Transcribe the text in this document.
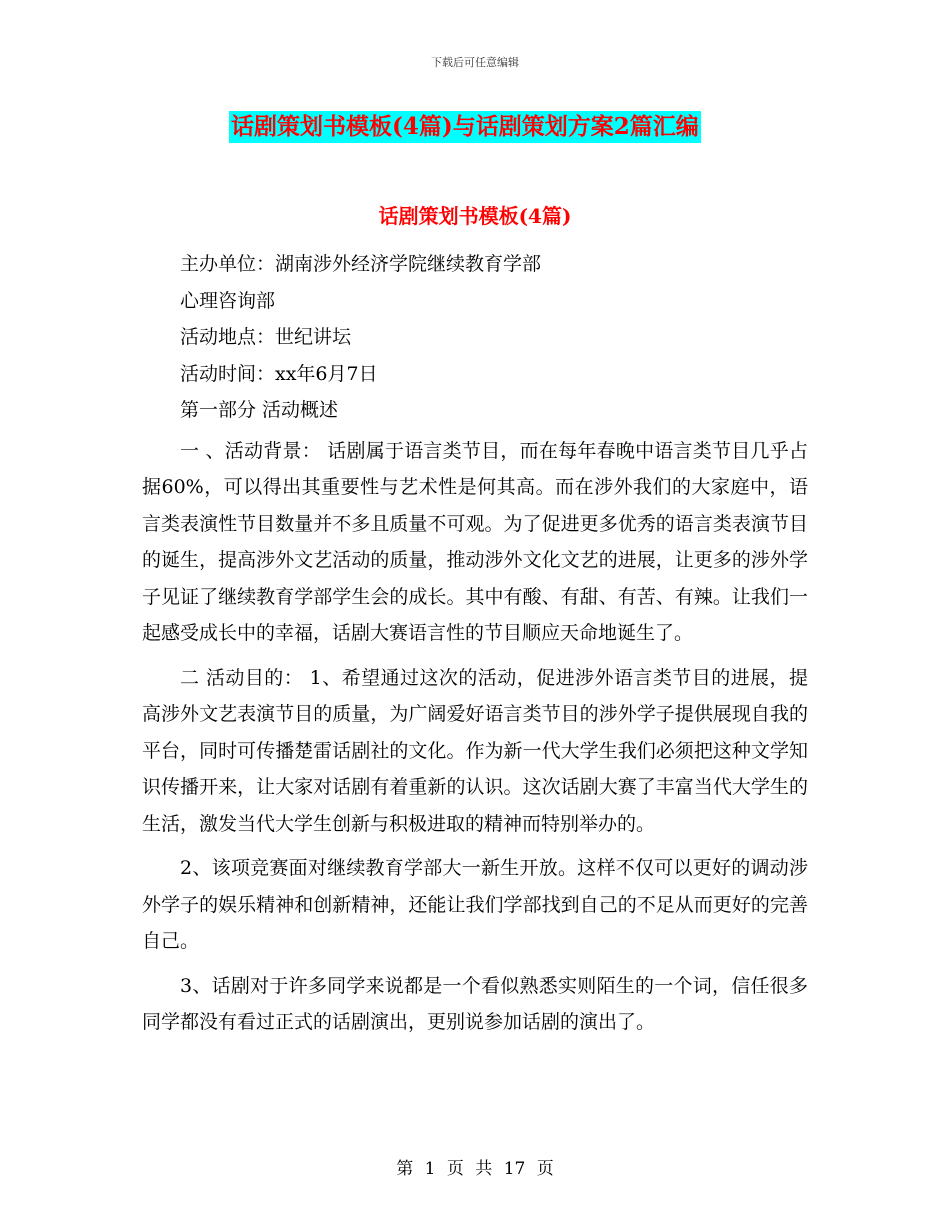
下载后可任意编辑
话剧策划书模板(4篇)与话剧策划方案2篇汇编
话剧策划书模板(4篇)

主办单位：湖南涉外经济学院继续教育学部

心理咨询部

活动地点：世纪讲坛

活动时间：xx年6月7日

第一部分 活动概述

一 、活动背景： 话剧属于语言类节目，而在每年春晚中语言类节目几乎占据60%，可以得出其重要性与艺术性是何其高。而在涉外我们的大家庭中，语言类表演性节目数量并不多且质量不可观。为了促进更多优秀的语言类表演节目的诞生，提高涉外文艺活动的质量，推动涉外文化文艺的进展，让更多的涉外学子见证了继续教育学部学生会的成长。其中有酸、有甜、有苦、有辣。让我们一起感受成长中的幸福，话剧大赛语言性的节目顺应天命地诞生了。

二 活动目的： 1、希望通过这次的活动，促进涉外语言类节目的进展，提高涉外文艺表演节目的质量，为广阔爱好语言类节目的涉外学子提供展现自我的平台，同时可传播楚雷话剧社的文化。作为新一代大学生我们必须把这种文学知识传播开来，让大家对话剧有着重新的认识。这次话剧大赛了丰富当代大学生的生活，激发当代大学生创新与积极进取的精神而特别举办的。

2、该项竞赛面对继续教育学部大一新生开放。这样不仅可以更好的调动涉外学子的娱乐精神和创新精神，还能让我们学部找到自己的不足从而更好的完善自己。

3、话剧对于许多同学来说都是一个看似熟悉实则陌生的一个词，信任很多同学都没有看过正式的话剧演出，更别说参加话剧的演出了。

第 1 页 共 17 页
